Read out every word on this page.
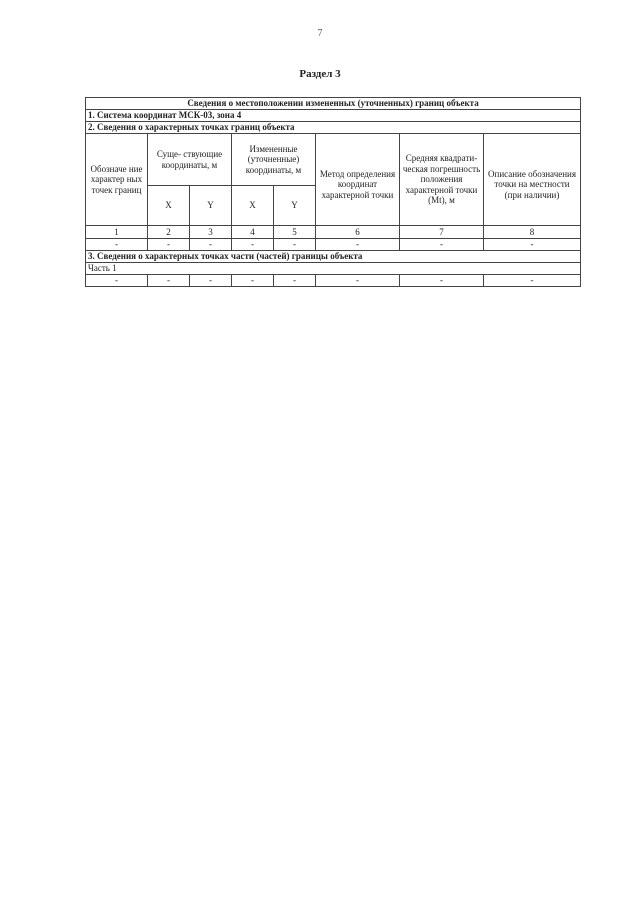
7
Раздел 3
Сведения о местоположении измененных (уточненных) границ объекта							
1. Система координат МСК-03, зона 4							
2. Сведения о характерных точках границ объекта							
Обозначе ние характер ных точек границ	Суще- ствующие координаты, м		Измененные (уточненные) координаты, м		Метод определения координат характерной точки	Средняя квадрати- ческая погрешность положения характерной точки (Mt), м	Описание обозначения точки на местности (при наличии)
	X	Y	X	Y			
1	2	3	4	5	6	7	8
-	-	-	-	-	-	-	-
3. Сведения о характерных точках части (частей) границы объекта							
Часть 1							
-	-	-	-	-	-	-	-
